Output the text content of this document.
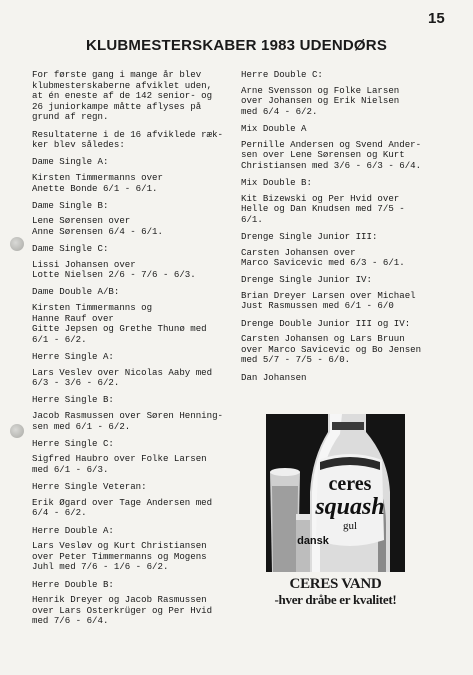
15
KLUBMESTERSKABER 1983 UDENDØRS
For første gang i mange år blev
klubmesterskaberne afviklet uden,
at én eneste af de 142 senior- og
26 juniorkampe måtte aflyses på
grund af regn.
Resultaterne i de 16 afviklede ræk-
ker blev således:
Dame Single A:
Kirsten Timmermanns over
Anette Bonde 6/1 - 6/1.
Dame Single B:
Lene Sørensen over
Anne Sørensen 6/4 - 6/1.
Dame Single C:
Lissi Johansen over
Lotte Nielsen 2/6 - 7/6 - 6/3.
Dame Double A/B:
Kirsten Timmermanns og
Hanne Rauf over
Gitte Jepsen og Grethe Thunø med
6/1 - 6/2.
Herre Single A:
Lars Veslev over Nicolas Aaby med
6/3 - 3/6 - 6/2.
Herre Single B:
Jacob Rasmussen over Søren Henning-
sen med 6/1 - 6/2.
Herre Single C:
Sigfred Haubro over Folke Larsen
med 6/1 - 6/3.
Herre Single Veteran:
Erik Øgard over Tage Andersen med
6/4 - 6/2.
Herre Double A:
Lars Vesløv og Kurt Christiansen
over Peter Timmermanns og Mogens
Juhl med 7/6 - 1/6 - 6/2.
Herre Double B:
Henrik Dreyer og Jacob Rasmussen
over Lars Osterkrüger og Per Hvid
med 7/6 - 6/4.
Herre Double C:
Arne Svensson og Folke Larsen
over Johansen og Erik Nielsen
med 6/4 - 6/2.
Mix Double A
Pernille Andersen og Svend Ander-
sen over Lene Sørensen og Kurt
Christiansen med 3/6 - 6/3 - 6/4.
Mix Double B:
Kit Bizewski og Per Hvid over
Helle og Dan Knudsen med 7/5 -
6/1.
Drenge Single Junior III:
Carsten Johansen over
Marco Savicevic med 6/3 - 6/1.
Drenge Single Junior IV:
Brian Dreyer Larsen over Michael
Just Rasmussen med 6/1 - 6/0
Drenge Double Junior III og IV:
Carsten Johansen og Lars Bruun
over Marco Savicevic og Bo Jensen
med 5/7 - 7/5 - 6/0.
Dan Johansen
ceres
squash
gul
dansk
CERES VAND
-hver dråbe er kvalitet!
